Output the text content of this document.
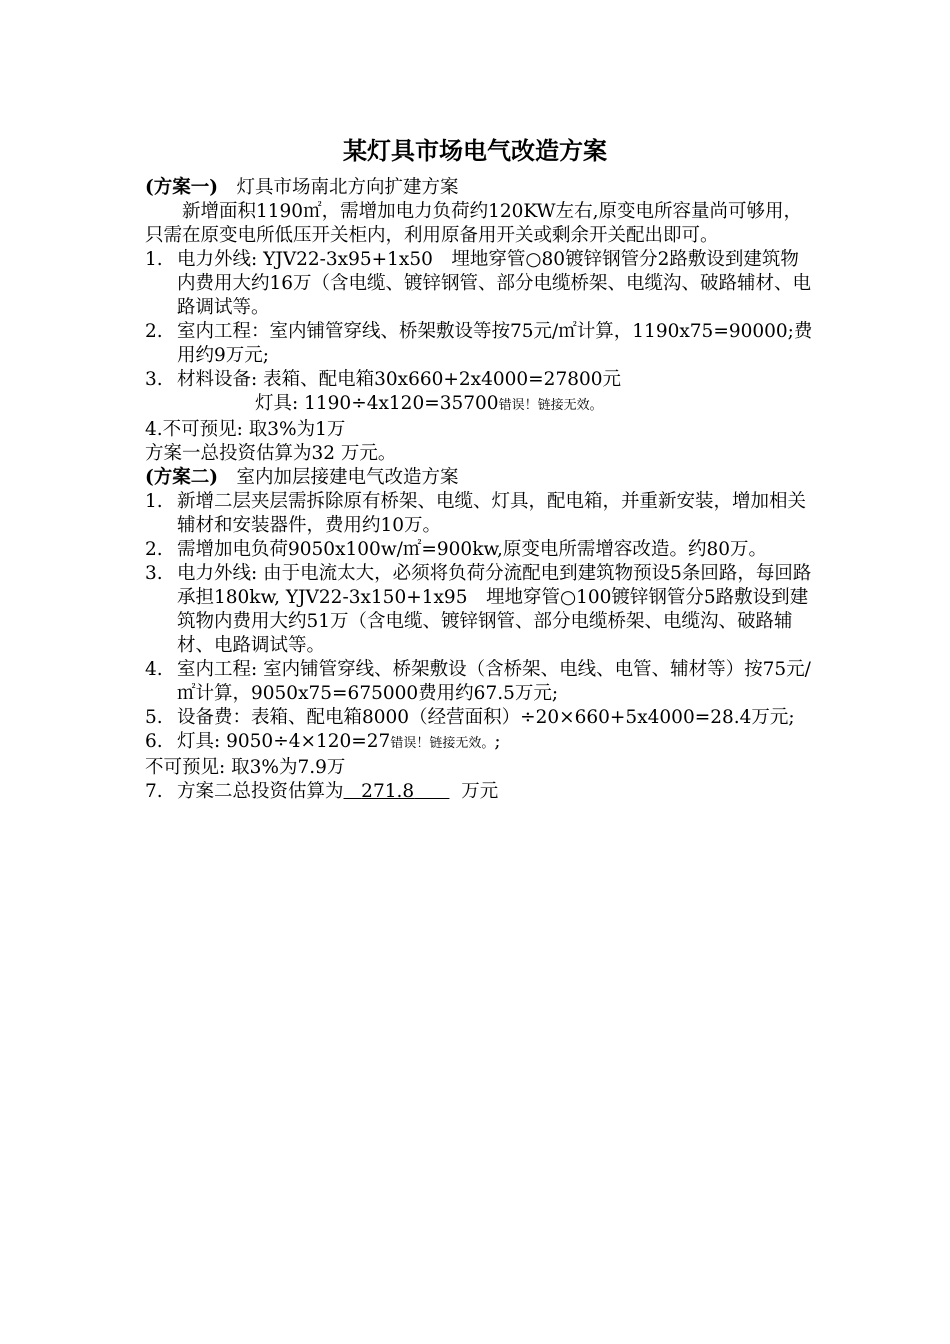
某灯具市场电气改造方案

(方案一)　 灯具市场南北方向扩建方案

新增面积1190㎡，需增加电力负荷约120KW左右,原变电所容量尚可够用，只需在原变电所低压开关柜内，利用原备用开关或剩余开关配出即可。

1. 电力外线: YJV22-3x95+1x50　埋地穿管○80镀锌钢管分2路敷设到建筑物内费用大约16万（含电缆、镀锌钢管、部分电缆桥架、电缆沟、破路辅材、电路调试等。

2. 室内工程：室内铺管穿线、桥架敷设等按75元/㎡计算，1190x75=90000;费用约9万元;

3. 材料设备: 表箱、配电箱30x660+2x4000=27800元

灯具: 1190÷4x120=35700错误！链接无效。

4.不可预见: 取3%为1万

方案一总投资估算为32 万元。

(方案二)　 室内加层接建电气改造方案

1. 新增二层夹层需拆除原有桥架、电缆、灯具，配电箱，并重新安装，增加相关辅材和安装器件，费用约10万。

2. 需增加电负荷9050x100w/㎡=900kw,原变电所需增容改造。约80万。

3. 电力外线: 由于电流太大，必须将负荷分流配电到建筑物预设5条回路，每回路承担180kw, YJV22-3x150+1x95　埋地穿管○100镀锌钢管分5路敷设到建筑物内费用大约51万（含电缆、镀锌钢管、部分电缆桥架、电缆沟、破路辅材、电路调试等。

4. 室内工程: 室内铺管穿线、桥架敷设（含桥架、电线、电管、辅材等）按75元/㎡计算，9050x75=675000费用约67.5万元;

5. 设备费：表箱、配电箱8000（经营面积）÷20×660+5x4000=28.4万元;

6. 灯具: 9050÷4×120=27错误！链接无效。;

不可预见: 取3%为7.9万

7. 方案二总投资估算为 271.8	万元
